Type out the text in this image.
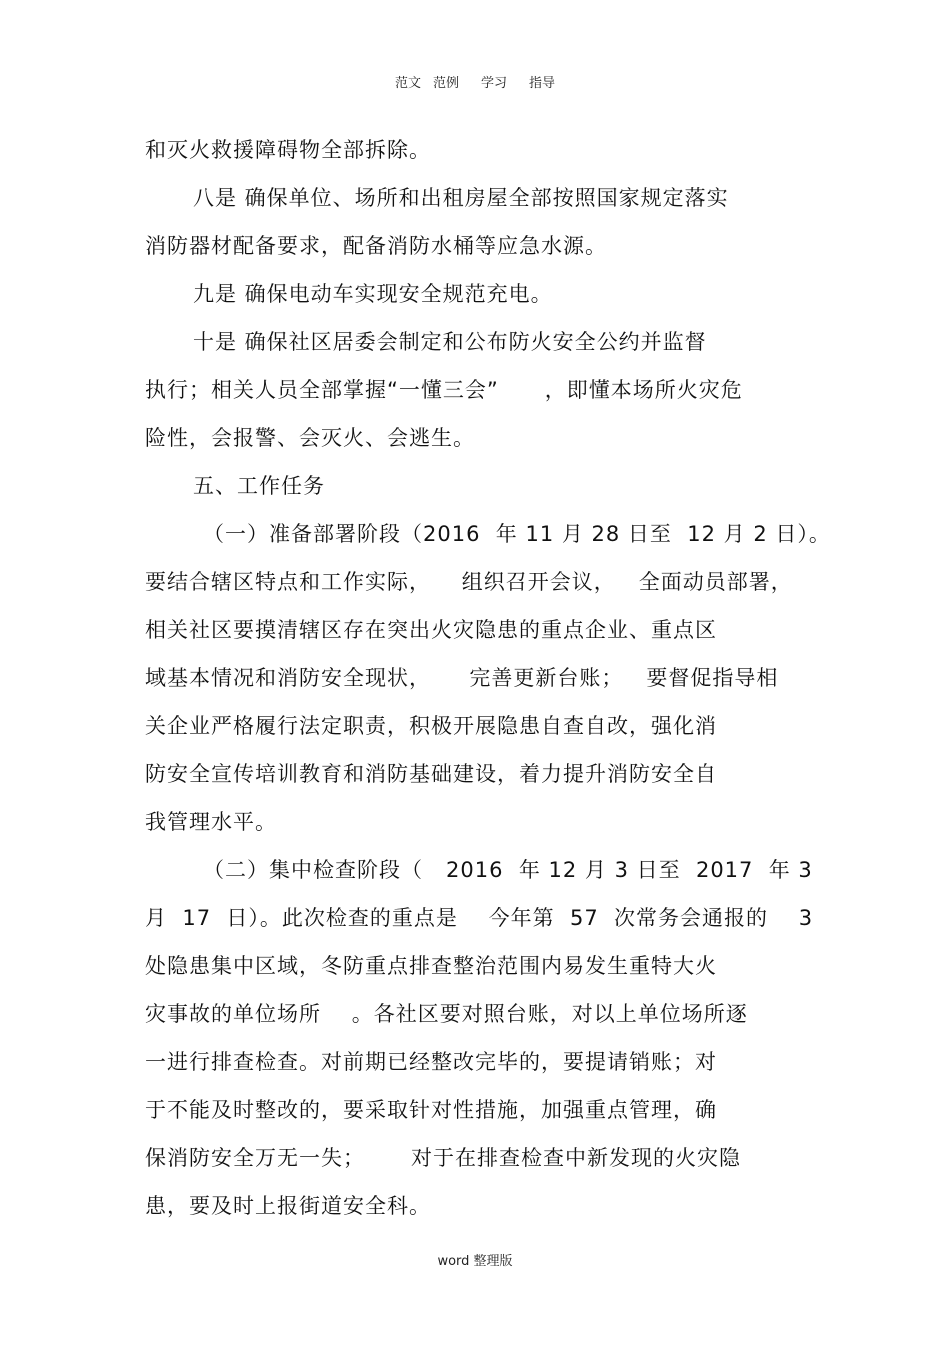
范文 范例 学习 指导
和灭火救援障碍物全部拆除。
八是 确保单位、场所和出租房屋全部按照国家规定落实
消防器材配备要求，配备消防水桶等应急水源。
九是 确保电动车实现安全规范充电。
十是 确保社区居委会制定和公布防火安全公约并监督
执行；相关人员全部掌握“一懂三会”      ，即懂本场所火灾危
险性，会报警、会灭火、会逃生。
五、工作任务
（一）准备部署阶段（2016  年 11 月 28 日至  12 月 2 日）。
要结合辖区特点和工作实际，    组织召开会议，   全面动员部署，
相关社区要摸清辖区存在突出火灾隐患的重点企业、重点区
域基本情况和消防安全现状，     完善更新台账；   要督促指导相
关企业严格履行法定职责，积极开展隐患自查自改，强化消
防安全宣传培训教育和消防基础建设，着力提升消防安全自
我管理水平。
（二）集中检查阶段（   2016  年 12 月 3 日至  2017  年 3
月  17  日）。此次检查的重点是    今年第  57  次常务会通报的    3
处隐患集中区域，冬防重点排查整治范围内易发生重特大火
灾事故的单位场所    。各社区要对照台账，对以上单位场所逐
一进行排查检查。对前期已经整改完毕的，要提请销账；对
于不能及时整改的，要采取针对性措施，加强重点管理，确
保消防安全万无一失；      对于在排查检查中新发现的火灾隐
患，要及时上报街道安全科。
word 整理版
